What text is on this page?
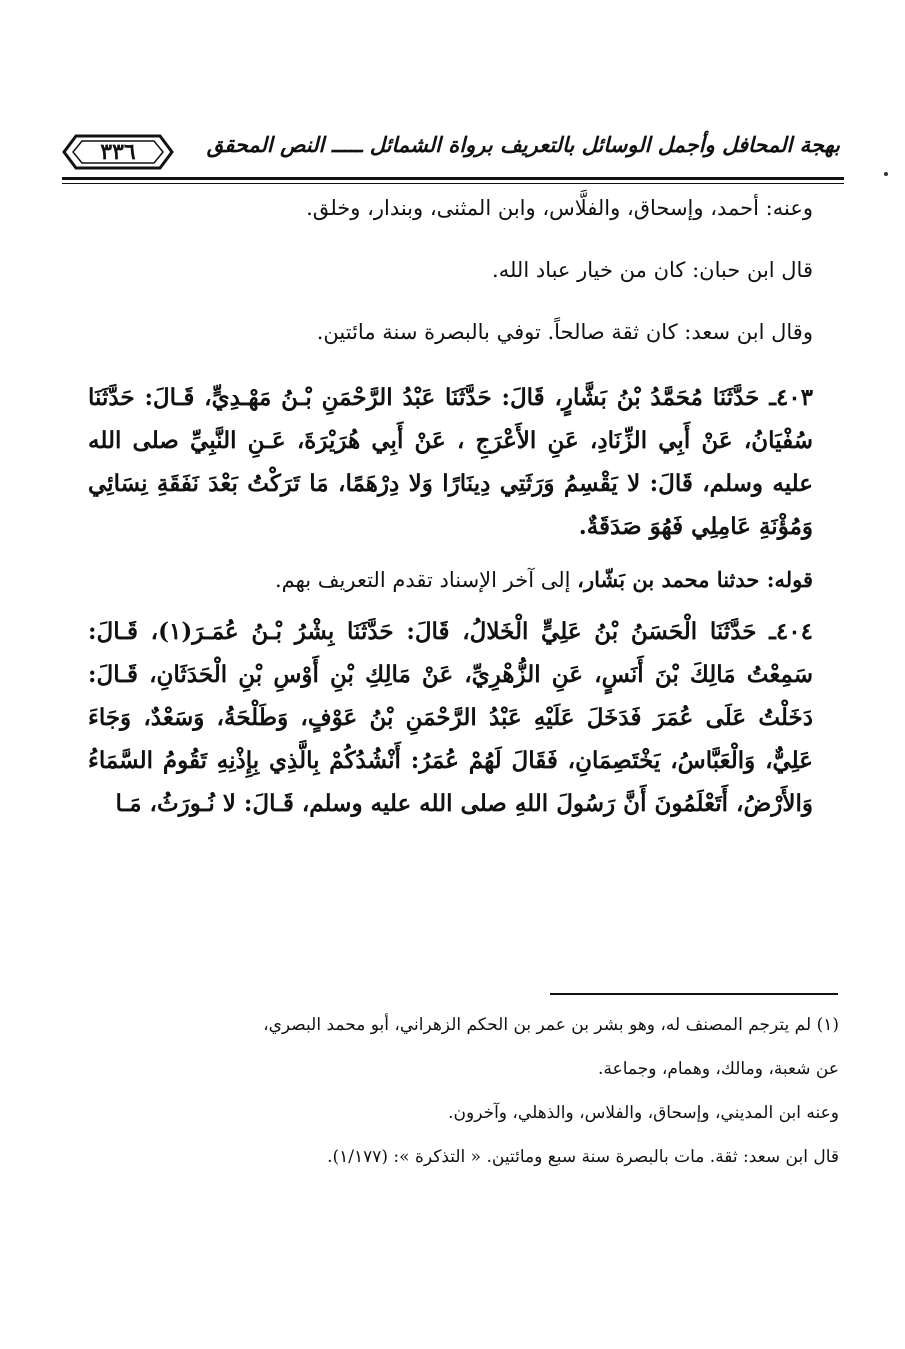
٣٣٦	بهجة المحافل وأجمل الوسائل بالتعريف برواة الشمائل ـــــ النص المحقق

وعنه: أحمد، وإسحاق، والفلَّاس، وابن المثنى، وبندار، وخلق.

قال ابن حبان: كان من خيار عباد الله.

وقال ابن سعد: كان ثقة صالحاً. توفي بالبصرة سنة مائتين.

٤٠٣ـ حَدَّثَنَا مُحَمَّدُ بْنُ بَشَّارٍ، قَالَ: حَدَّثَنَا عَبْدُ الرَّحْمَنِ بْـنُ مَهْـدِيٍّ، قَـالَ: حَدَّثَنَا سُفْيَانُ، عَنْ أَبِي الزِّنَادِ، عَنِ الأَعْرَجِ ، عَنْ أَبِي هُرَيْرَةَ، عَـنِ النَّبِيِّ صلى الله عليه وسلم، قَالَ: لا يَقْسِمُ وَرَثَتِي دِينَارًا وَلا دِرْهَمًا، مَا تَرَكْتُ بَعْدَ نَفَقَةِ نِسَائِي وَمُؤْنَةِ عَامِلِي فَهُوَ صَدَقَةٌ.

قوله: حدثنا محمد بن بَشّار، إلى آخر الإسناد تقدم التعريف بهم.

٤٠٤ـ حَدَّثَنَا الْحَسَنُ بْنُ عَلِيٍّ الْخَلالُ، قَالَ: حَدَّثَنَا بِشْرُ بْـنُ عُمَـرَ(١)، قَـالَ: سَمِعْتُ مَالِكَ بْنَ أَنَسٍ، عَنِ الزُّهْرِيِّ، عَنْ مَالِكِ بْنِ أَوْسِ بْنِ الْحَدَثَانِ، قَـالَ: دَخَلْتُ عَلَى عُمَرَ فَدَخَلَ عَلَيْهِ عَبْدُ الرَّحْمَنِ بْنُ عَوْفٍ، وَطَلْحَةُ، وَسَعْدٌ، وَجَاءَ عَلِيٌّ، وَالْعَبَّاسُ، يَخْتَصِمَانِ، فَقَالَ لَهُمْ عُمَرُ: أَنْشُدُكُمْ بِالَّذِي بِإِذْنِهِ تَقُومُ السَّمَاءُ وَالأَرْضُ، أَتَعْلَمُونَ أَنَّ رَسُولَ اللهِ صلى الله عليه وسلم، قَـالَ: لا نُـورَثُ، مَـا

(١) لم يترجم المصنف له، وهو بشر بن عمر بن الحكم الزهراني، أبو محمد البصري،

عن شعبة، ومالك، وهمام، وجماعة.

وعنه ابن المديني، وإسحاق، والفلاس، والذهلي، وآخرون.

قال ابن سعد: ثقة. مات بالبصرة سنة سبع ومائتين. « التذكرة »: (١/١٧٧).
